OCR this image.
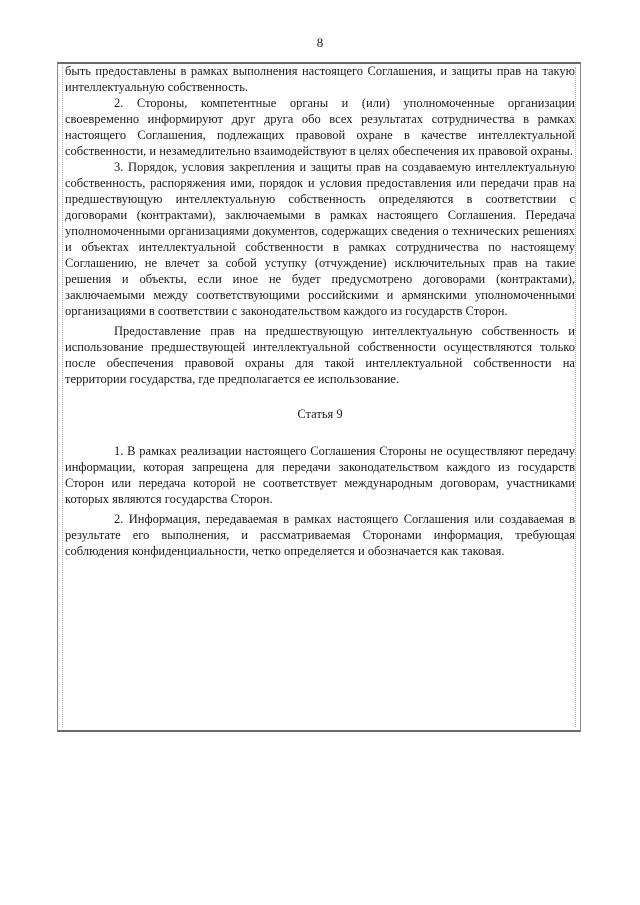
8

быть предоставлены в рамках выполнения настоящего Соглашения, и защиты прав на такую интеллектуальную собственность.

2. Стороны, компетентные органы и (или) уполномоченные организации своевременно информируют друг друга обо всех результатах сотрудничества в рамках настоящего Соглашения, подлежащих правовой охране в качестве интеллектуальной собственности, и незамедлительно взаимодействуют в целях обеспечения их правовой охраны.

3. Порядок, условия закрепления и защиты прав на создаваемую интеллектуальную собственность, распоряжения ими, порядок и условия предоставления или передачи прав на предшествующую интеллектуальную собственность определяются в соответствии с договорами (контрактами), заключаемыми в рамках настоящего Соглашения. Передача уполномоченными организациями документов, содержащих сведения о технических решениях и объектах интеллектуальной собственности в рамках сотрудничества по настоящему Соглашению, не влечет за собой уступку (отчуждение) исключительных прав на такие решения и объекты, если иное не будет предусмотрено договорами (контрактами), заключаемыми между соответствующими российскими и армянскими уполномоченными организациями в соответствии с законодательством каждого из государств Сторон.

Предоставление прав на предшествующую интеллектуальную собственность и использование предшествующей интеллектуальной собственности осуществляются только после обеспечения правовой охраны для такой интеллектуальной собственности на территории государства, где предполагается ее использование.

Статья 9

1. В рамках реализации настоящего Соглашения Стороны не осуществляют передачу информации, которая запрещена для передачи законодательством каждого из государств Сторон или передача которой не соответствует международным договорам, участниками которых являются государства Сторон.

2. Информация, передаваемая в рамках настоящего Соглашения или создаваемая в результате его выполнения, и рассматриваемая Сторонами информация, требующая соблюдения конфиденциальности, четко определяется и обозначается как таковая.
